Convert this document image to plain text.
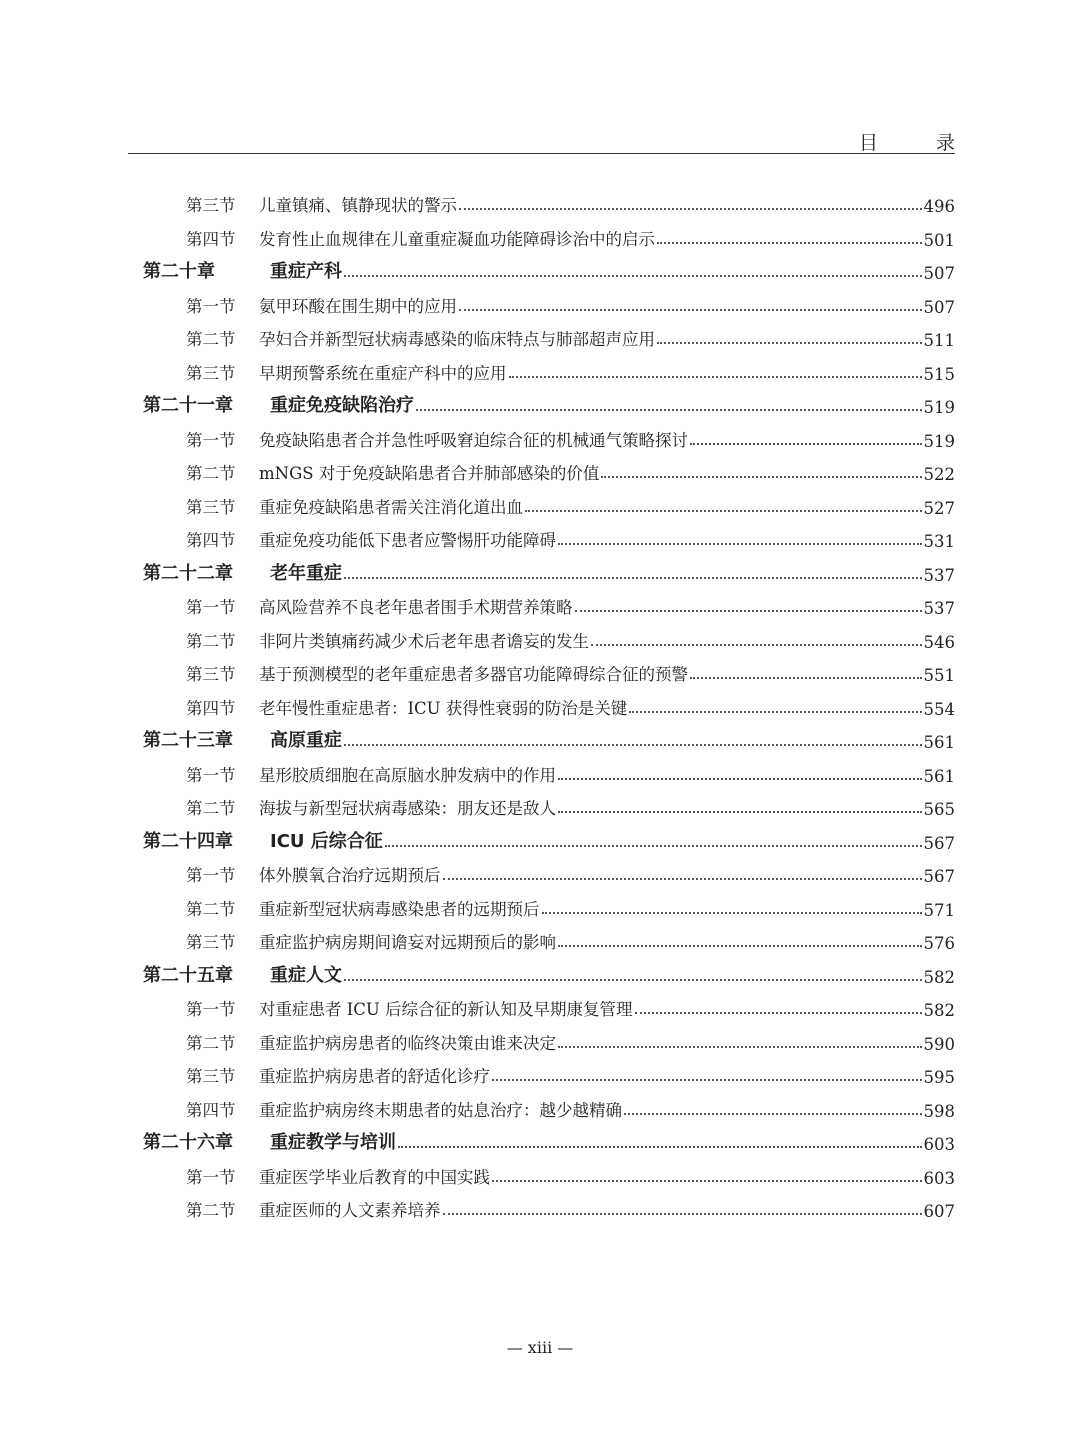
目 录
第三节	儿童镇痛、镇静现状的警示	496
第四节	发育性止血规律在儿童重症凝血功能障碍诊治中的启示	501
第二十章	重症产科	507
第一节	氨甲环酸在围生期中的应用	507
第二节	孕妇合并新型冠状病毒感染的临床特点与肺部超声应用	511
第三节	早期预警系统在重症产科中的应用	515
第二十一章	重症免疫缺陷治疗	519
第一节	免疫缺陷患者合并急性呼吸窘迫综合征的机械通气策略探讨	519
第二节	mNGS 对于免疫缺陷患者合并肺部感染的价值	522
第三节	重症免疫缺陷患者需关注消化道出血	527
第四节	重症免疫功能低下患者应警惕肝功能障碍	531
第二十二章	老年重症	537
第一节	高风险营养不良老年患者围手术期营养策略	537
第二节	非阿片类镇痛药减少术后老年患者谵妄的发生	546
第三节	基于预测模型的老年重症患者多器官功能障碍综合征的预警	551
第四节	老年慢性重症患者：ICU 获得性衰弱的防治是关键	554
第二十三章	高原重症	561
第一节	星形胶质细胞在高原脑水肿发病中的作用	561
第二节	海拔与新型冠状病毒感染：朋友还是敌人	565
第二十四章	ICU 后综合征	567
第一节	体外膜氧合治疗远期预后	567
第二节	重症新型冠状病毒感染患者的远期预后	571
第三节	重症监护病房期间谵妄对远期预后的影响	576
第二十五章	重症人文	582
第一节	对重症患者 ICU 后综合征的新认知及早期康复管理	582
第二节	重症监护病房患者的临终决策由谁来决定	590
第三节	重症监护病房患者的舒适化诊疗	595
第四节	重症监护病房终末期患者的姑息治疗：越少越精确	598
第二十六章	重症教学与培训	603
第一节	重症医学毕业后教育的中国实践	603
第二节	重症医师的人文素养培养	607
— xiii —
